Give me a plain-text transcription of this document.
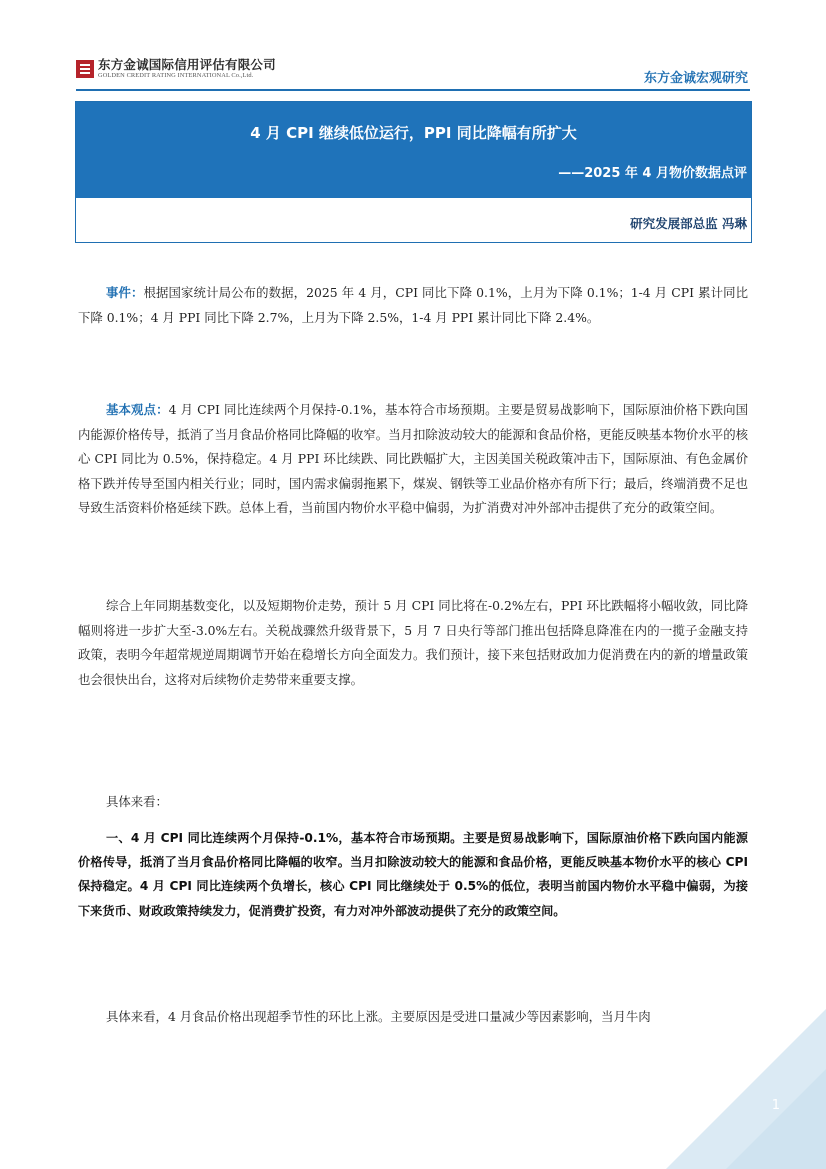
东方金诚国际信用评估有限公司
GOLDEN CREDIT RATING INTERNATIONAL Co.,Ltd.	东方金诚宏观研究
4 月 CPI 继续低位运行，PPI 同比降幅有所扩大
——2025 年 4 月物价数据点评
研究发展部总监 冯琳
事件：根据国家统计局公布的数据，2025 年 4 月，CPI 同比下降 0.1%，上月为下降 0.1%；1-4 月 CPI 累计同比下降 0.1%；4 月 PPI 同比下降 2.7%，上月为下降 2.5%，1-4 月 PPI 累计同比下降 2.4%。
基本观点：4 月 CPI 同比连续两个月保持-0.1%，基本符合市场预期。主要是贸易战影响下，国际原油价格下跌向国内能源价格传导，抵消了当月食品价格同比降幅的收窄。当月扣除波动较大的能源和食品价格，更能反映基本物价水平的核心 CPI 同比为 0.5%，保持稳定。4 月 PPI 环比续跌、同比跌幅扩大，主因美国关税政策冲击下，国际原油、有色金属价格下跌并传导至国内相关行业；同时，国内需求偏弱拖累下，煤炭、钢铁等工业品价格亦有所下行；最后，终端消费不足也导致生活资料价格延续下跌。总体上看，当前国内物价水平稳中偏弱，为扩消费对冲外部冲击提供了充分的政策空间。
综合上年同期基数变化，以及短期物价走势，预计 5 月 CPI 同比将在-0.2%左右，PPI 环比跌幅将小幅收敛，同比降幅则将进一步扩大至-3.0%左右。关税战骤然升级背景下，5 月 7 日央行等部门推出包括降息降准在内的一揽子金融支持政策，表明今年超常规逆周期调节开始在稳增长方向全面发力。我们预计，接下来包括财政加力促消费在内的新的增量政策也会很快出台，这将对后续物价走势带来重要支撑。
具体来看：
一、4 月 CPI 同比连续两个月保持-0.1%，基本符合市场预期。主要是贸易战影响下，国际原油价格下跌向国内能源价格传导，抵消了当月食品价格同比降幅的收窄。当月扣除波动较大的能源和食品价格，更能反映基本物价水平的核心 CPI 保持稳定。4 月 CPI 同比连续两个负增长，核心 CPI 同比继续处于 0.5%的低位，表明当前国内物价水平稳中偏弱，为接下来货币、财政政策持续发力，促消费扩投资，有力对冲外部波动提供了充分的政策空间。
具体来看，4 月食品价格出现超季节性的环比上涨。主要原因是受进口量减少等因素影响，当月牛肉
1
